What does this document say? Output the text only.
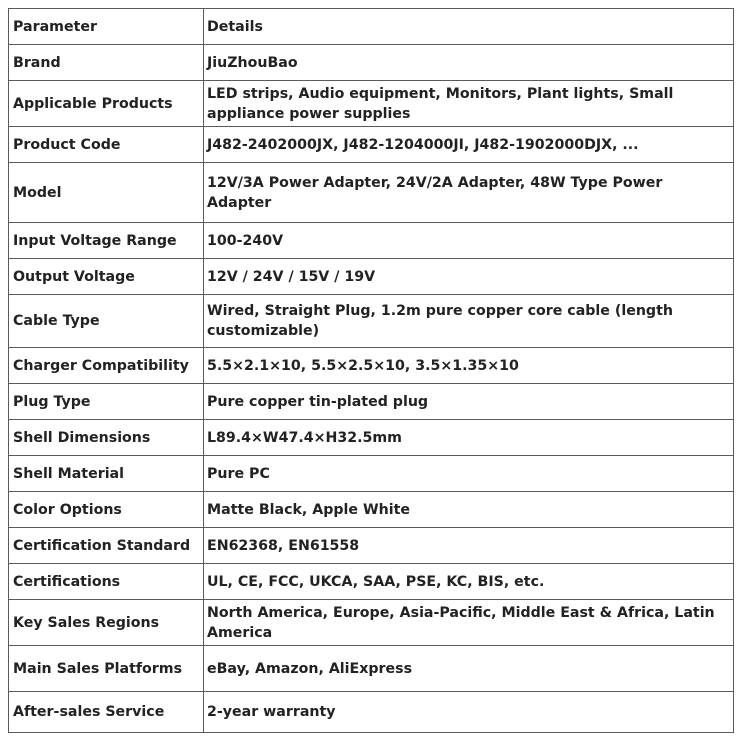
Parameter	Details
Brand	JiuZhouBao
Applicable Products	LED strips, Audio equipment, Monitors, Plant lights, Small appliance power supplies
Product Code	J482-2402000JX, J482-1204000JI, J482-1902000DJX, ...
Model	12V/3A Power Adapter, 24V/2A Adapter, 48W Type Power Adapter
Input Voltage Range	100-240V
Output Voltage	12V / 24V / 15V / 19V
Cable Type	Wired, Straight Plug, 1.2m pure copper core cable (length customizable)
Charger Compatibility	5.5×2.1×10, 5.5×2.5×10, 3.5×1.35×10
Plug Type	Pure copper tin-plated plug
Shell Dimensions	L89.4×W47.4×H32.5mm
Shell Material	Pure PC
Color Options	Matte Black, Apple White
Certification Standard	EN62368, EN61558
Certifications	UL, CE, FCC, UKCA, SAA, PSE, KC, BIS, etc.
Key Sales Regions	North America, Europe, Asia-Pacific, Middle East & Africa, Latin America
Main Sales Platforms	eBay, Amazon, AliExpress
After-sales Service	2-year warranty
